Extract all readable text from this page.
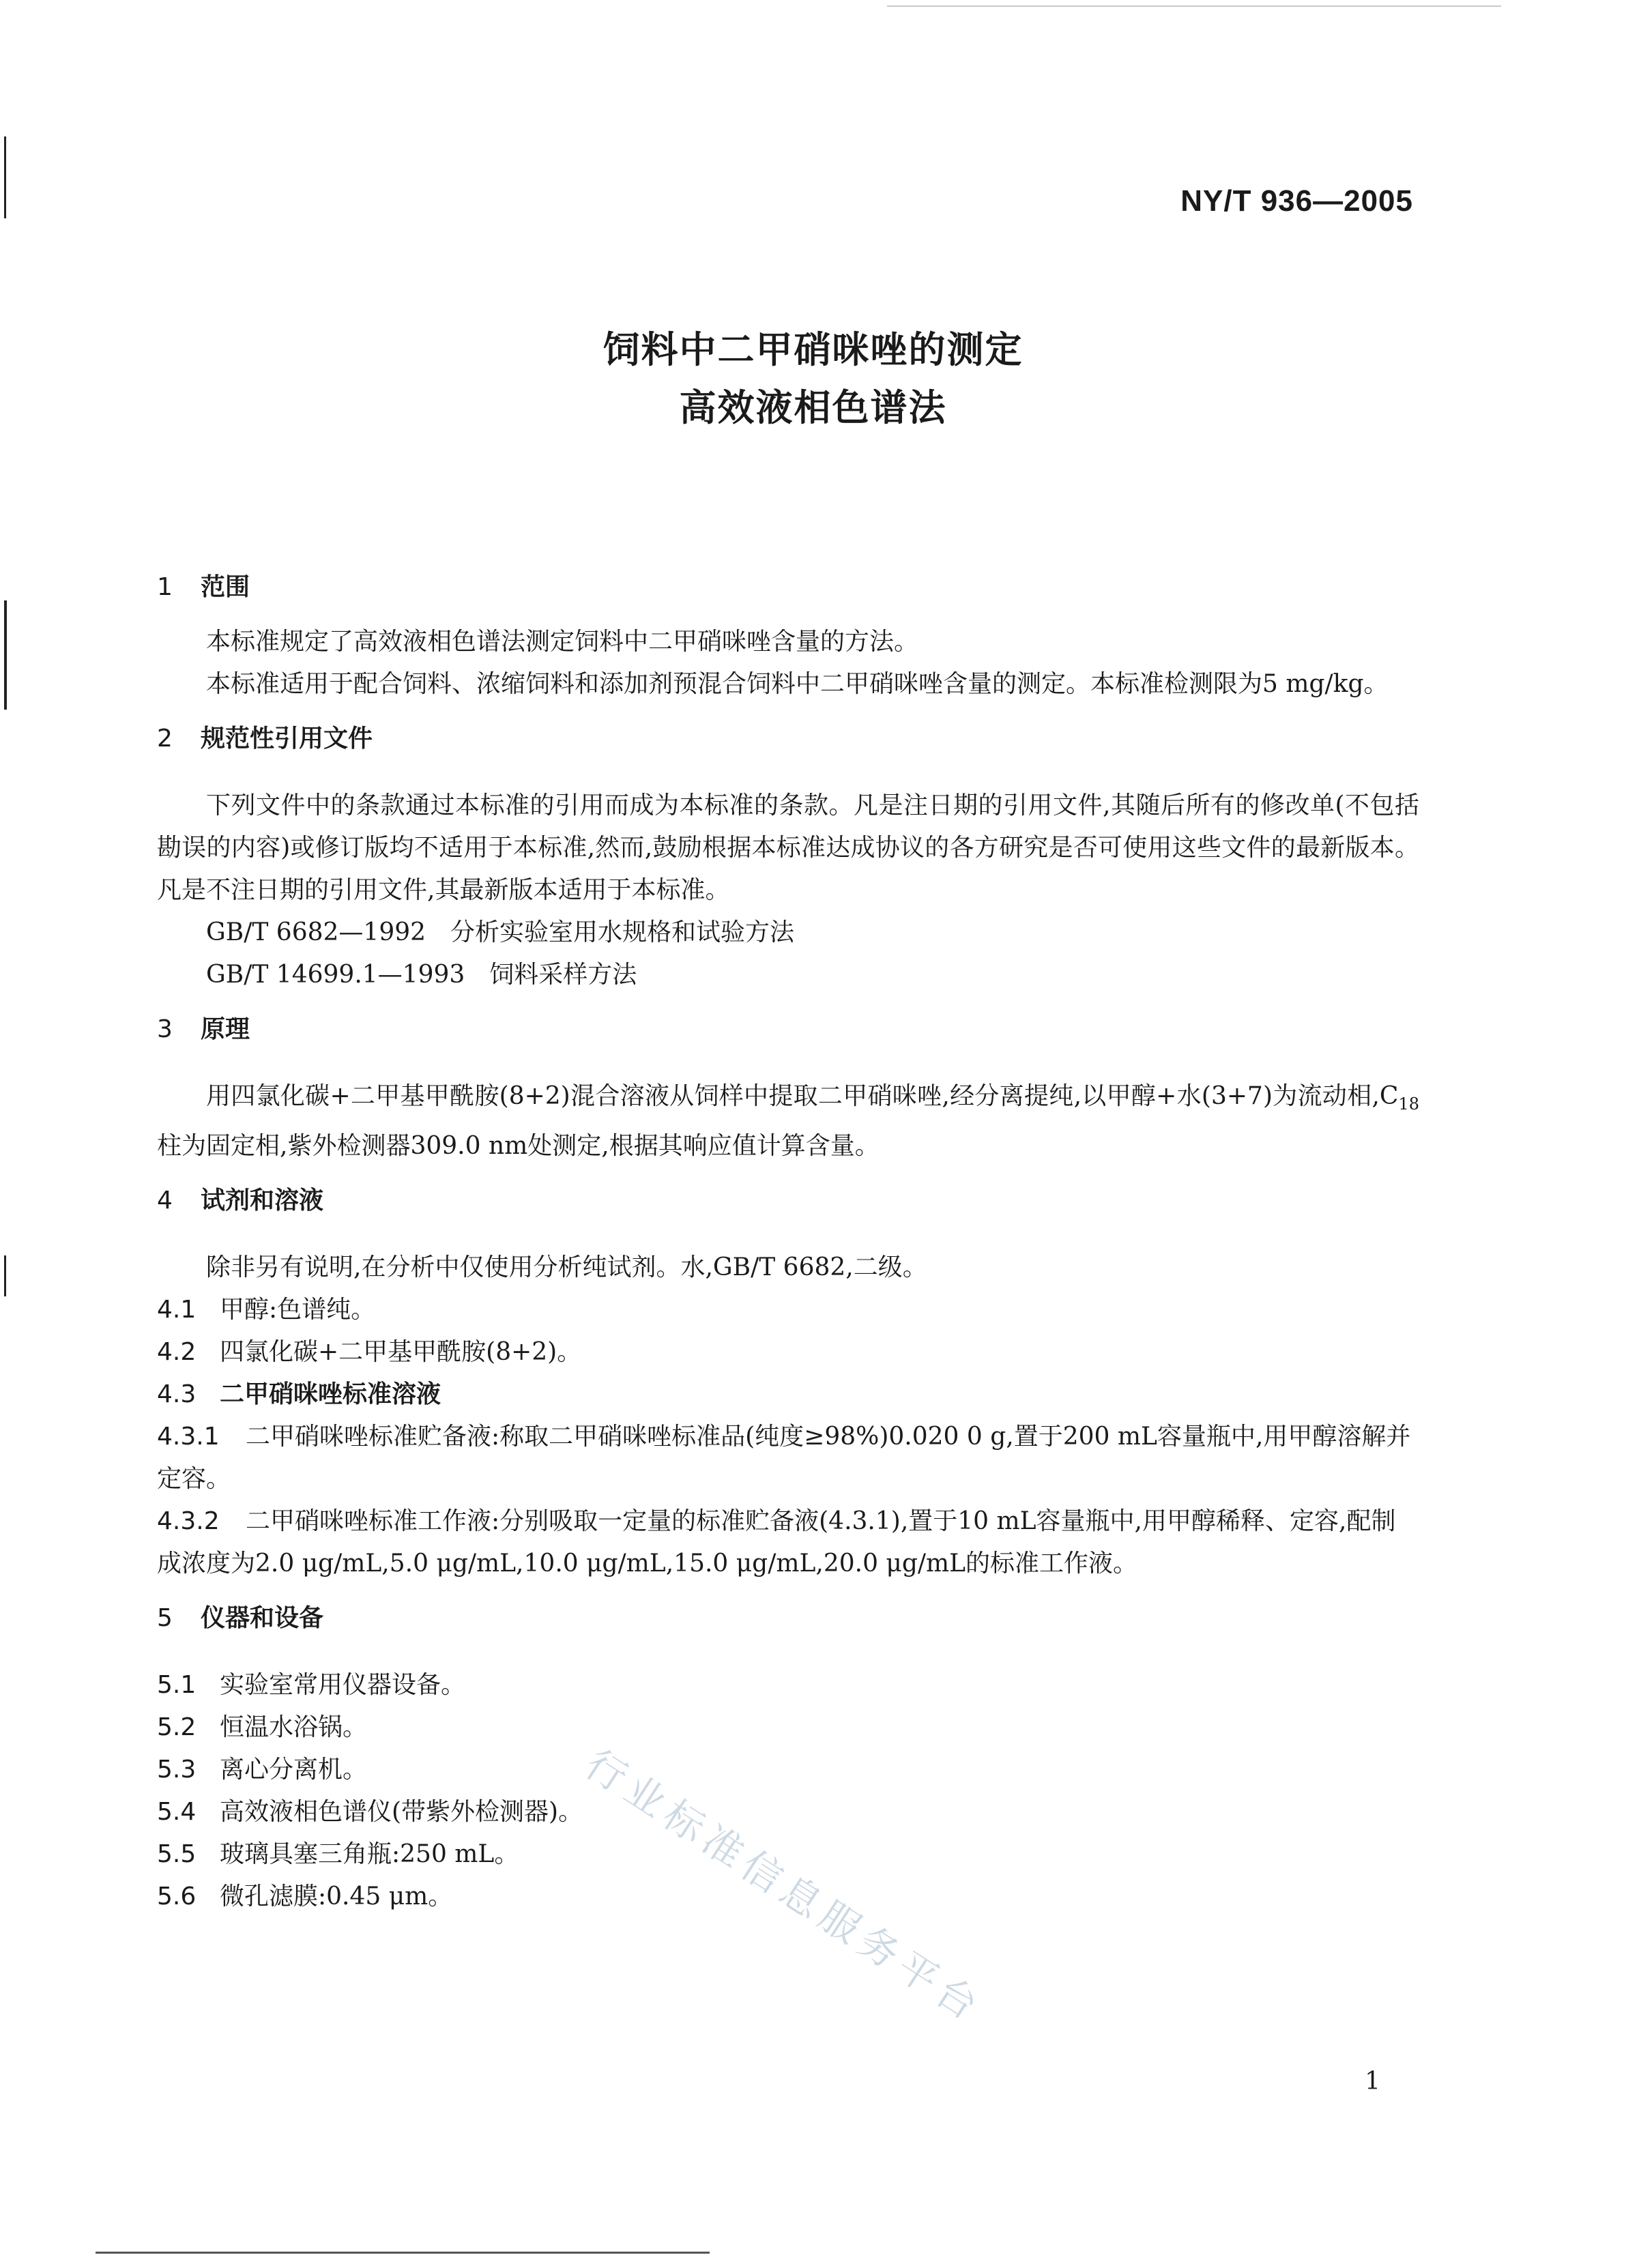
NY/T 936—2005
饲料中二甲硝咪唑的测定
高效液相色谱法
1 范围
本标准规定了高效液相色谱法测定饲料中二甲硝咪唑含量的方法。
本标准适用于配合饲料、浓缩饲料和添加剂预混合饲料中二甲硝咪唑含量的测定。本标准检测限为5 mg/kg。
2 规范性引用文件
下列文件中的条款通过本标准的引用而成为本标准的条款。凡是注日期的引用文件,其随后所有的修改单(不包括勘误的内容)或修订版均不适用于本标准,然而,鼓励根据本标准达成协议的各方研究是否可使用这些文件的最新版本。凡是不注日期的引用文件,其最新版本适用于本标准。
GB/T 6682—1992 分析实验室用水规格和试验方法
GB/T 14699.1—1993 饲料采样方法
3 原理
用四氯化碳+二甲基甲酰胺(8+2)混合溶液从饲样中提取二甲硝咪唑,经分离提纯,以甲醇+水(3+7)为流动相$,C_{18}$柱为固定相,紫外检测器309.0 nm处测定,根据其响应值计算含量。
4 试剂和溶液
除非另有说明,在分析中仅使用分析纯试剂。水,GB/T 6682,二级。
4.1 甲醇:色谱纯。
4.2 四氯化碳+二甲基甲酰胺(8+2)。
4.3 二甲硝咪唑标准溶液
4.3.1 二甲硝咪唑标准贮备液:称取二甲硝咪唑标准品(纯度≥98%)0.020 0 g,置于200 mL容量瓶中,用甲醇溶解并定容。
4.3.2 二甲硝咪唑标准工作液:分别吸取一定量的标准贮备液(4.3.1),置于10 mL容量瓶中,用甲醇稀释、定容,配制成浓度为2.0 μg/mL,5.0 μg/mL,10.0 μg/mL,15.0 μg/mL,20.0 μg/mL的标准工作液。
5 仪器和设备
5.1 实验室常用仪器设备。
5.2 恒温水浴锅。
5.3 离心分离机。
5.4 高效液相色谱仪(带紫外检测器)。
5.5 玻璃具塞三角瓶:250 mL。
5.6 微孔滤膜:0.45 μm。	行业标准信息服务平台
1
